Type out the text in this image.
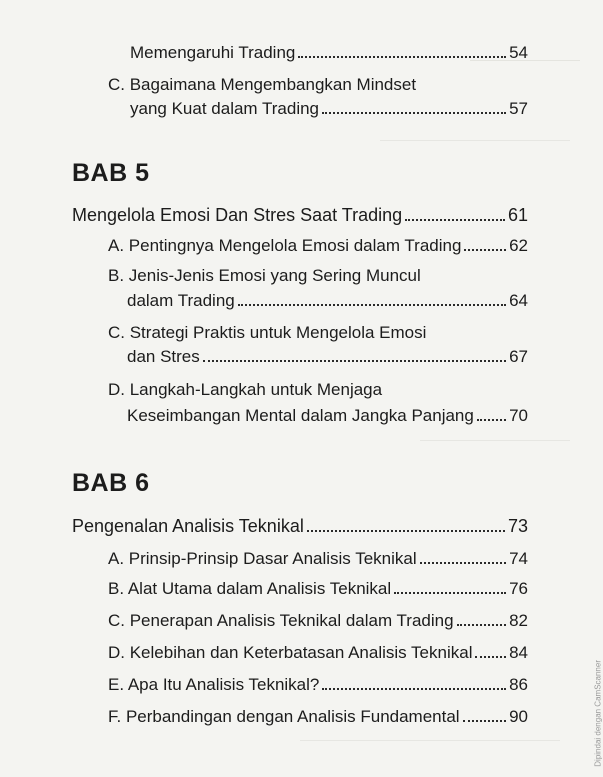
Memengaruhi Trading	54
C. Bagaimana Mengembangkan Mindset
yang Kuat dalam Trading	57
BAB 5
Mengelola Emosi Dan Stres Saat Trading	61
A. Pentingnya Mengelola Emosi dalam Trading	62
B. Jenis-Jenis Emosi yang Sering Muncul
dalam Trading	64
C. Strategi Praktis untuk Mengelola Emosi
dan Stres	67
D. Langkah-Langkah untuk Menjaga
Keseimbangan Mental dalam Jangka Panjang 70
BAB 6
Pengenalan Analisis Teknikal	73
A. Prinsip-Prinsip Dasar Analisis Teknikal	74
B. Alat Utama dalam Analisis Teknikal	76
C. Penerapan Analisis Teknikal dalam Trading	82
D. Kelebihan dan Keterbatasan Analisis Teknikal 84
E. Apa Itu Analisis Teknikal?	86
F. Perbandingan dengan Analisis Fundamental	90	Dipindai dengan CamScanner
